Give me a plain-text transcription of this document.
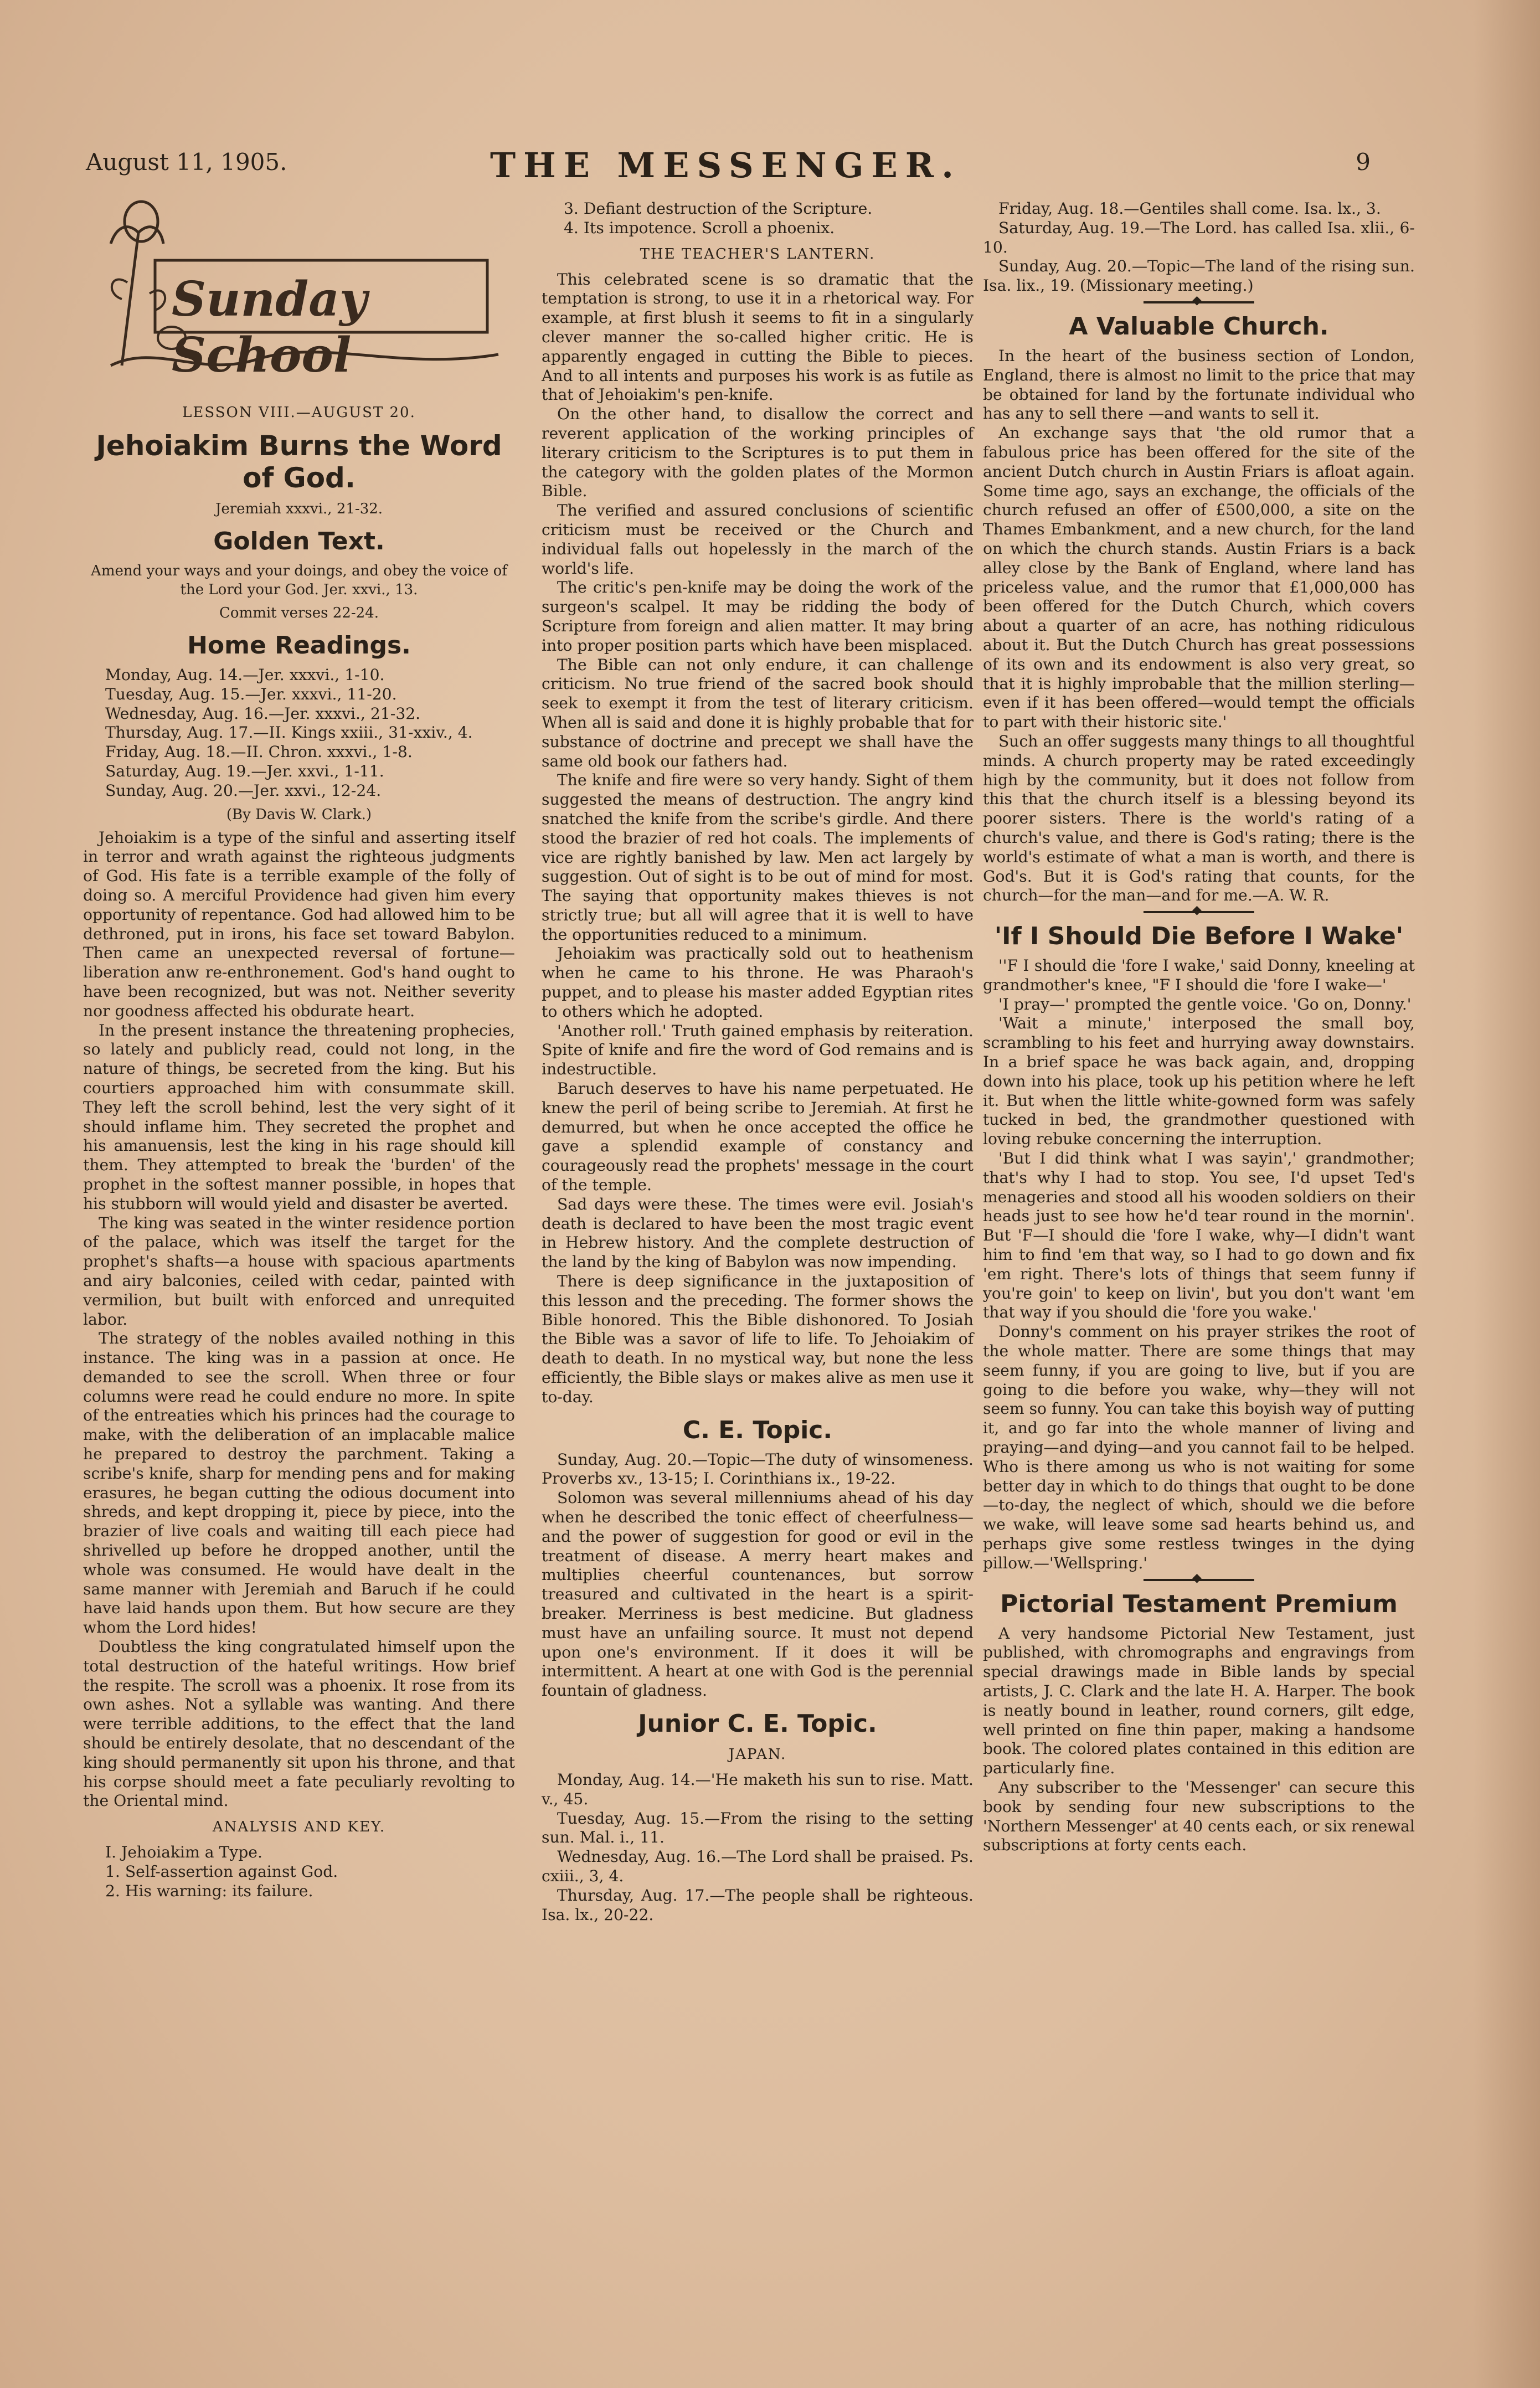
August 11, 1905.	THE MESSENGER.	9
Sunday School
LESSON VIII.—AUGUST 20.
Jehoiakim Burns the Word of God.

Jeremiah xxxvi., 21-32.

Golden Text.

Amend your ways and your doings, and obey the voice of the Lord your God. Jer. xxvi., 13.

Commit verses 22-24.

Home Readings.

Monday, Aug. 14.—Jer. xxxvi., 1-10.

Tuesday, Aug. 15.—Jer. xxxvi., 11-20.

Wednesday, Aug. 16.—Jer. xxxvi., 21-32.

Thursday, Aug. 17.—II. Kings xxiii., 31-xxiv., 4.

Friday, Aug. 18.—II. Chron. xxxvi., 1-8.

Saturday, Aug. 19.—Jer. xxvi., 1-11.

Sunday, Aug. 20.—Jer. xxvi., 12-24.

(By Davis W. Clark.)

Jehoiakim is a type of the sinful and asserting itself in terror and wrath against the righteous judgments of God. His fate is a terrible example of the folly of doing so. A merciful Providence had given him every opportunity of repentance. God had allowed him to be dethroned, put in irons, his face set toward Babylon. Then came an unexpected reversal of fortune—liberation anw re-enthronement. God's hand ought to have been recognized, but was not. Neither severity nor goodness affected his obdurate heart.

In the present instance the threatening prophecies, so lately and publicly read, could not long, in the nature of things, be secreted from the king. But his courtiers approached him with consummate skill. They left the scroll behind, lest the very sight of it should inflame him. They secreted the prophet and his amanuensis, lest the king in his rage should kill them. They attempted to break the 'burden' of the prophet in the softest manner possible, in hopes that his stubborn will would yield and disaster be averted.

The king was seated in the winter residence portion of the palace, which was itself the target for the prophet's shafts—a house with spacious apartments and airy balconies, ceiled with cedar, painted with vermilion, but built with enforced and unrequited labor.

The strategy of the nobles availed nothing in this instance. The king was in a passion at once. He demanded to see the scroll. When three or four columns were read he could endure no more. In spite of the entreaties which his princes had the courage to make, with the deliberation of an implacable malice he prepared to destroy the parchment. Taking a scribe's knife, sharp for mending pens and for making erasures, he began cutting the odious document into shreds, and kept dropping it, piece by piece, into the brazier of live coals and waiting till each piece had shrivelled up before he dropped another, until the whole was consumed. He would have dealt in the same manner with Jeremiah and Baruch if he could have laid hands upon them. But how secure are they whom the Lord hides!

Doubtless the king congratulated himself upon the total destruction of the hateful writings. How brief the respite. The scroll was a phoenix. It rose from its own ashes. Not a syllable was wanting. And there were terrible additions, to the effect that the land should be entirely desolate, that no descendant of the king should permanently sit upon his throne, and that his corpse should meet a fate peculiarly revolting to the Oriental mind.

ANALYSIS AND KEY.

I. Jehoiakim a Type.

1. Self-assertion against God.

2. His warning: its failure.

3. Defiant destruction of the Scripture.

4. Its impotence. Scroll a phoenix.

THE TEACHER'S LANTERN.

This celebrated scene is so dramatic that the temptation is strong, to use it in a rhetorical way. For example, at first blush it seems to fit in a singularly clever manner the so-called higher critic. He is apparently engaged in cutting the Bible to pieces. And to all intents and purposes his work is as futile as that of Jehoiakim's pen-knife.

On the other hand, to disallow the correct and reverent application of the working principles of literary criticism to the Scriptures is to put them in the category with the golden plates of the Mormon Bible.

The verified and assured conclusions of scientific criticism must be received or the Church and individual falls out hopelessly in the march of the world's life.

The critic's pen-knife may be doing the work of the surgeon's scalpel. It may be ridding the body of Scripture from foreign and alien matter. It may bring into proper position parts which have been misplaced.

The Bible can not only endure, it can challenge criticism. No true friend of the sacred book should seek to exempt it from the test of literary criticism. When all is said and done it is highly probable that for substance of doctrine and precept we shall have the same old book our fathers had.

The knife and fire were so very handy. Sight of them suggested the means of destruction. The angry kind snatched the knife from the scribe's girdle. And there stood the brazier of red hot coals. The implements of vice are rightly banished by law. Men act largely by suggestion. Out of sight is to be out of mind for most. The saying that opportunity makes thieves is not strictly true; but all will agree that it is well to have the opportunities reduced to a minimum.

Jehoiakim was practically sold out to heathenism when he came to his throne. He was Pharaoh's puppet, and to please his master added Egyptian rites to others which he adopted.

'Another roll.' Truth gained emphasis by reiteration. Spite of knife and fire the word of God remains and is indestructible.

Baruch deserves to have his name perpetuated. He knew the peril of being scribe to Jeremiah. At first he demurred, but when he once accepted the office he gave a splendid example of constancy and courageously read the prophets' message in the court of the temple.

Sad days were these. The times were evil. Josiah's death is declared to have been the most tragic event in Hebrew history. And the complete destruction of the land by the king of Babylon was now impending.

There is deep significance in the juxtaposition of this lesson and the preceding. The former shows the Bible honored. This the Bible dishonored. To Josiah the Bible was a savor of life to life. To Jehoiakim of death to death. In no mystical way, but none the less efficiently, the Bible slays or makes alive as men use it to-day.

C. E. Topic.

Sunday, Aug. 20.—Topic—The duty of winsomeness. Proverbs xv., 13-15; I. Corinthians ix., 19-22.

Solomon was several millenniums ahead of his day when he described the tonic effect of cheerfulness—and the power of suggestion for good or evil in the treatment of disease. A merry heart makes and multiplies cheerful countenances, but sorrow treasured and cultivated in the heart is a spirit-breaker. Merriness is best medicine. But gladness must have an unfailing source. It must not depend upon one's environment. If it does it will be intermittent. A heart at one with God is the perennial fountain of gladness.

Junior C. E. Topic.
JAPAN.

Monday, Aug. 14.—'He maketh his sun to rise. Matt. v., 45.

Tuesday, Aug. 15.—From the rising to the setting sun. Mal. i., 11.

Wednesday, Aug. 16.—The Lord shall be praised. Ps. cxiii., 3, 4.

Thursday, Aug. 17.—The people shall be righteous. Isa. lx., 20-22.

Friday, Aug. 18.—Gentiles shall come. Isa. lx., 3.

Saturday, Aug. 19.—The Lord. has called Isa. xlii., 6-10.

Sunday, Aug. 20.—Topic—The land of the rising sun. Isa. lix., 19. (Missionary meeting.)

◆
A Valuable Church.

In the heart of the business section of London, England, there is almost no limit to the price that may be obtained for land by the fortunate individual who has any to sell there —and wants to sell it.

An exchange says that 'the old rumor that a fabulous price has been offered for the site of the ancient Dutch church in Austin Friars is afloat again. Some time ago, says an exchange, the officials of the church refused an offer of £500,000, a site on the Thames Embankment, and a new church, for the land on which the church stands. Austin Friars is a back alley close by the Bank of England, where land has priceless value, and the rumor that £1,000,000 has been offered for the Dutch Church, which covers about a quarter of an acre, has nothing ridiculous about it. But the Dutch Church has great possessions of its own and its endowment is also very great, so that it is highly improbable that the million sterling—even if it has been offered—would tempt the officials to part with their historic site.'

Such an offer suggests many things to all thoughtful minds. A church property may be rated exceedingly high by the community, but it does not follow from this that the church itself is a blessing beyond its poorer sisters. There is the world's rating of a church's value, and there is God's rating; there is the world's estimate of what a man is worth, and there is God's. But it is God's rating that counts, for the church—for the man—and for me.—A. W. R.

◆
'If I Should Die Before I Wake'

''F I should die 'fore I wake,' said Donny, kneeling at grandmother's knee, "F I should die 'fore I wake—'

'I pray—' prompted the gentle voice. 'Go on, Donny.'

'Wait a minute,' interposed the small boy, scrambling to his feet and hurrying away downstairs. In a brief space he was back again, and, dropping down into his place, took up his petition where he left it. But when the little white-gowned form was safely tucked in bed, the grandmother questioned with loving rebuke concerning the interruption.

'But I did think what I was sayin',' grandmother; that's why I had to stop. You see, I'd upset Ted's menageries and stood all his wooden soldiers on their heads just to see how he'd tear round in the mornin'. But 'F—I should die 'fore I wake, why—I didn't want him to find 'em that way, so I had to go down and fix 'em right. There's lots of things that seem funny if you're goin' to keep on livin', but you don't want 'em that way if you should die 'fore you wake.'

Donny's comment on his prayer strikes the root of the whole matter. There are some things that may seem funny, if you are going to live, but if you are going to die before you wake, why—they will not seem so funny. You can take this boyish way of putting it, and go far into the whole manner of living and praying—and dying—and you cannot fail to be helped. Who is there among us who is not waiting for some better day in which to do things that ought to be done—to-day, the neglect of which, should we die before we wake, will leave some sad hearts behind us, and perhaps give some restless twinges in the dying pillow.—'Wellspring.'

◆
Pictorial Testament Premium

A very handsome Pictorial New Testament, just published, with chromographs and engravings from special drawings made in Bible lands by special artists, J. C. Clark and the late H. A. Harper. The book is neatly bound in leather, round corners, gilt edge, well printed on fine thin paper, making a handsome book. The colored plates contained in this edition are particularly fine.

Any subscriber to the 'Messenger' can secure this book by sending four new subscriptions to the 'Northern Messenger' at 40 cents each, or six renewal subscriptions at forty cents each.
